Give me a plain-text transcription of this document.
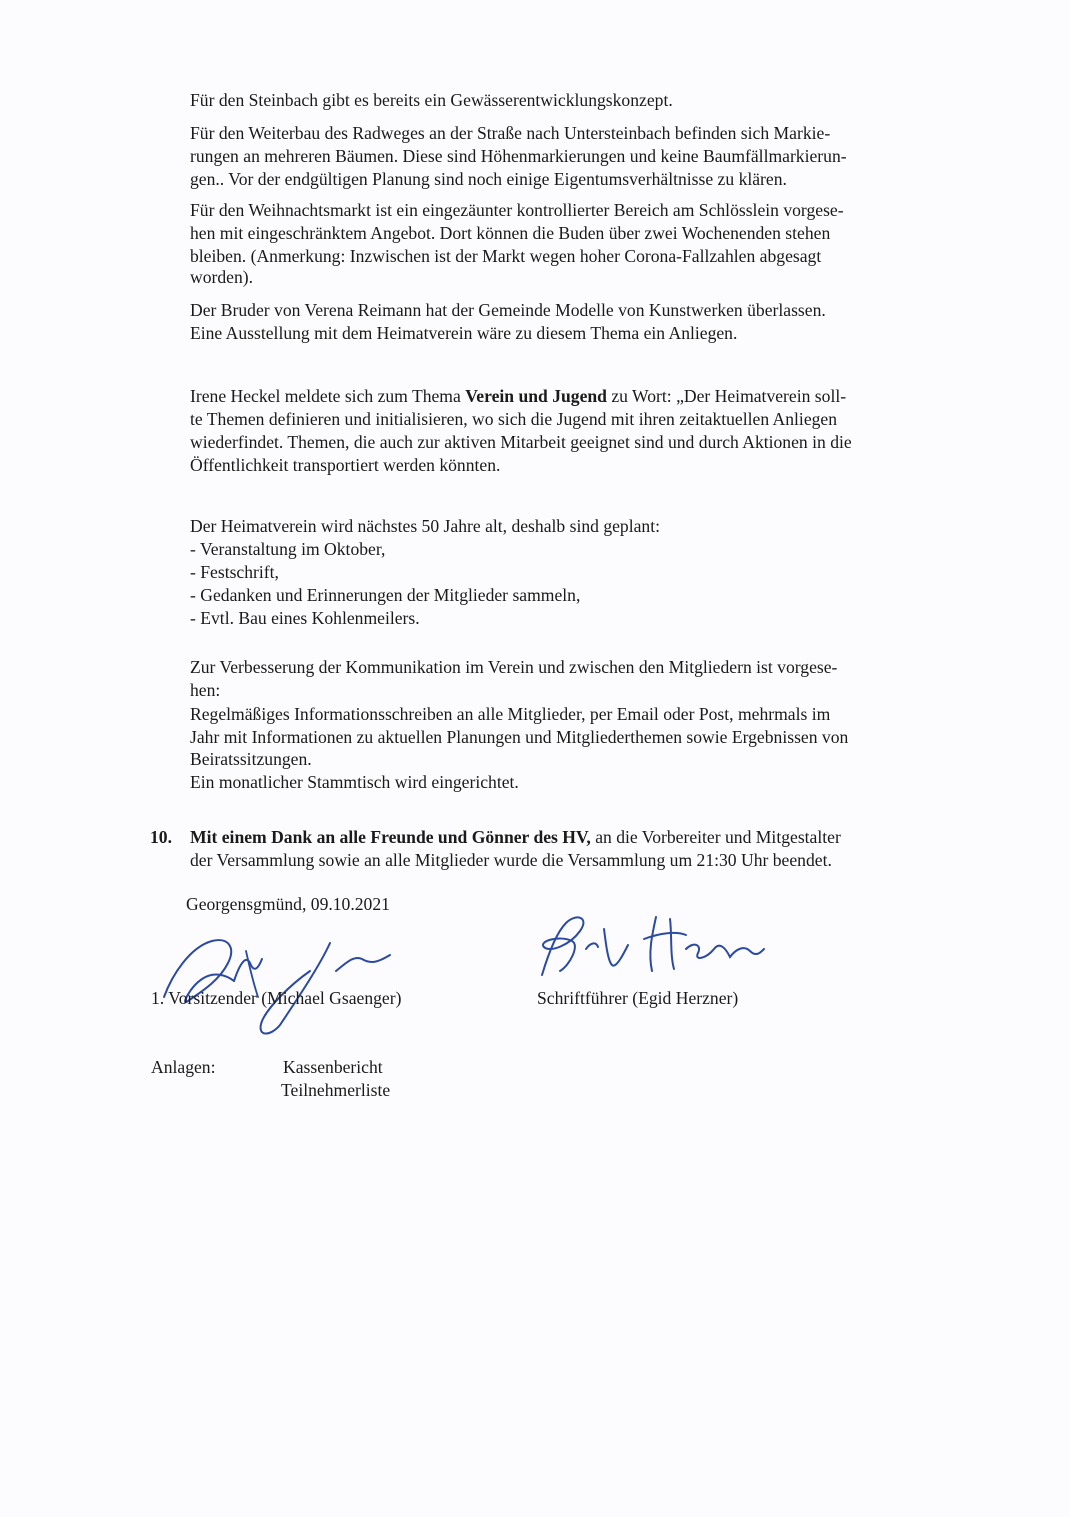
Für den Steinbach gibt es bereits ein Gewässerentwicklungskonzept.
Für den Weiterbau des Radweges an der Straße nach Untersteinbach befinden sich Markie-
rungen an mehreren Bäumen. Diese sind Höhenmarkierungen und keine Baumfällmarkierun-
gen.. Vor der endgültigen Planung sind noch einige Eigentumsverhältnisse zu klären.
Für den Weihnachtsmarkt ist ein eingezäunter kontrollierter Bereich am Schlösslein vorgese-
hen mit eingeschränktem Angebot. Dort können die Buden über zwei Wochenenden stehen
bleiben. (Anmerkung: Inzwischen ist der Markt wegen hoher Corona-Fallzahlen abgesagt
worden).
Der Bruder von Verena Reimann hat der Gemeinde Modelle von Kunstwerken überlassen.
Eine Ausstellung mit dem Heimatverein wäre zu diesem Thema ein Anliegen.
Irene Heckel meldete sich zum Thema Verein und Jugend zu Wort: „Der Heimatverein soll-
te Themen definieren und initialisieren, wo sich die Jugend mit ihren zeitaktuellen Anliegen
wiederfindet. Themen, die auch zur aktiven Mitarbeit geeignet sind und durch Aktionen in die
Öffentlichkeit transportiert werden könnten.
Der Heimatverein wird nächstes 50 Jahre alt, deshalb sind geplant:
- Veranstaltung im Oktober,
- Festschrift,
- Gedanken und Erinnerungen der Mitglieder sammeln,
- Evtl. Bau eines Kohlenmeilers.
Zur Verbesserung der Kommunikation im Verein und zwischen den Mitgliedern ist vorgese-
hen:
Regelmäßiges Informationsschreiben an alle Mitglieder, per Email oder Post, mehrmals im
Jahr mit Informationen zu aktuellen Planungen und Mitgliederthemen sowie Ergebnissen von
Beiratssitzungen.
Ein monatlicher Stammtisch wird eingerichtet.
10. Mit einem Dank an alle Freunde und Gönner des HV, an die Vorbereiter und Mitgestalter
der Versammlung sowie an alle Mitglieder wurde die Versammlung um 21:30 Uhr beendet.
Georgensgmünd, 09.10.2021
1. Vorsitzender (Michael Gsaenger)	Schriftführer (Egid Herzner)
Anlagen:	Kassenbericht
Teilnehmerliste
